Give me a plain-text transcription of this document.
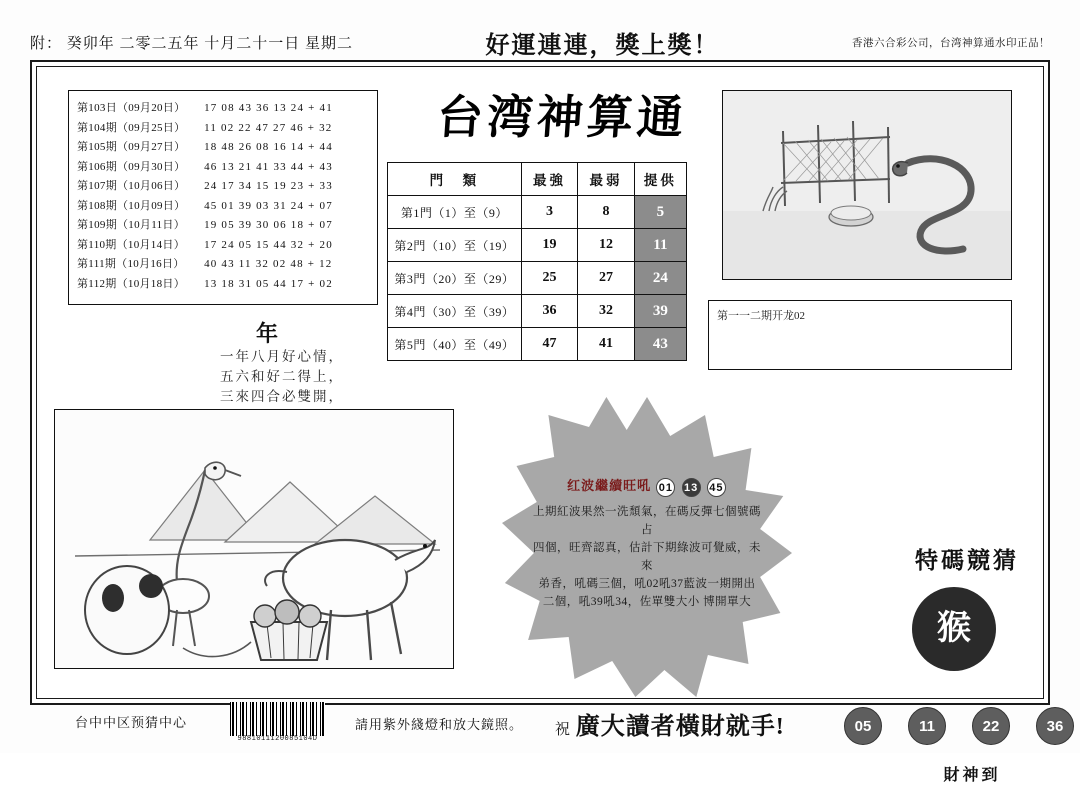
附： 癸卯年 二零二五年 十月二十一日 星期二	好運連連，獎上獎！	香港六合彩公司，台湾神算通水印正品！
第103日（09月20日） 17 08 43 36 13 24 + 41
第104期（09月25日） 11 02 22 47 27 46 + 32
第105期（09月27日） 18 48 26 08 16 14 + 44
第106期（09月30日） 46 13 21 41 33 44 + 43
第107期（10月06日） 24 17 34 15 19 23 + 33
第108期（10月09日） 45 01 39 03 31 24 + 07
第109期（10月11日） 19 05 39 30 06 18 + 07
第110期（10月14日） 17 24 05 15 44 32 + 20
第111期（10月16日） 40 43 11 32 02 48 + 12
第112期（10月18日） 13 18 31 05 44 17 + 02
台湾神算通
門　類	最強	最弱	提供
第1門（1）至（9）	3	8	5
第2門（10）至（19）	19	12	11
第3門（20）至（29）	25	27	24
第4門（30）至（39）	36	32	39
第5門（40）至（49）	47	41	43
第一一二期开龙02
年
一年八月好心情，
五六和好二得上，
三來四合必雙開，
红波繼續旺吼 01 13 45
上期紅波果然一洗頹氣，在碼反彈七個號碼占
四個，旺齊認真，估計下期綠波可覺威，未來
弟香，吼碼三個，吼02吼37藍波一期開出
二個，吼39吼34，佐單雙大小 博開單大
特碼競猜
猴
05	11	22	36
財神到
台中中区预猜中心
9881011120085104D
請用紫外綫燈和放大鏡照。 祝 廣大讀者橫財就手!
